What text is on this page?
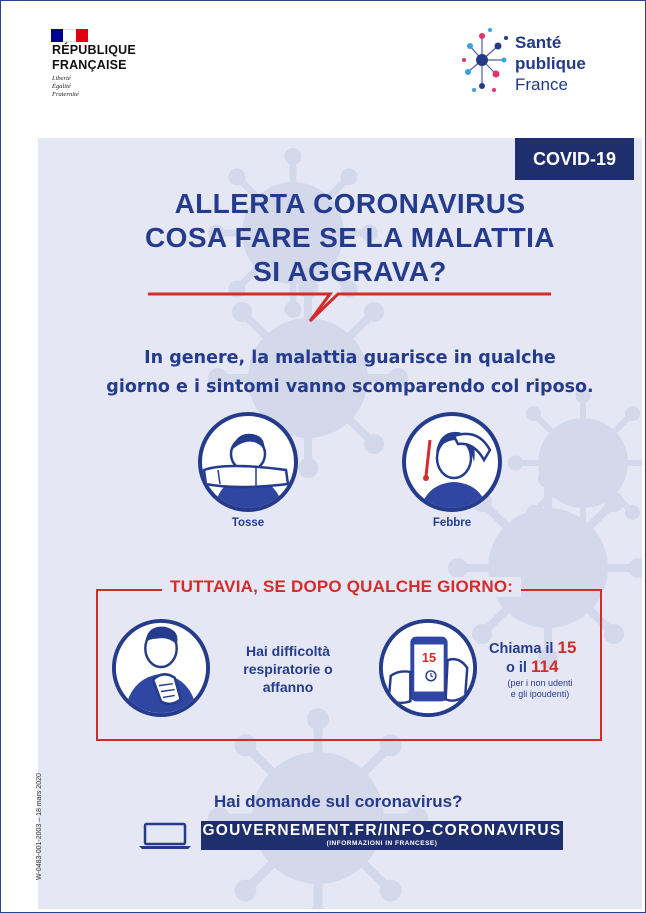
RÉPUBLIQUE
FRANÇAISE
Liberté
Égalité
Fraternité
Santé
publique
France
COVID-19
ALLERTA CORONAVIRUS
COSA FARE SE LA MALATTIA
SI AGGRAVA?
In genere, la malattia guarisce in qualche
giorno e i sintomi vanno scomparendo col riposo.
Tosse	Febbre
TUTTAVIA, SE DOPO QUALCHE GIORNO:
Hai difficoltà
respiratorie o
affanno
15
Chiama il 15
o il 114
(per i non udenti
e gli ipoudenti)
W-0483-001-2003 – 18 mars 2020	Hai domande sul coronavirus?
GOUVERNEMENT.FR/INFO-CORONAVIRUS
(INFORMAZIONI IN FRANCESE)
